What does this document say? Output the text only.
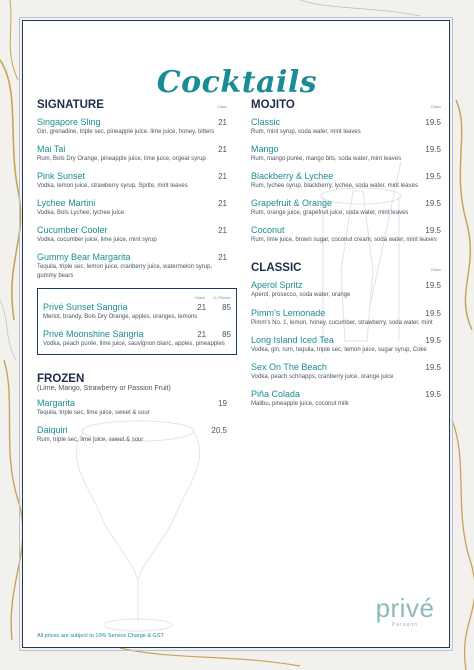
Cocktails
SIGNATURE	Glass
Singapore Sling	21
Gin, grenadine, triple sec, pineapple juice, lime juice, honey, bitters
Mai Tai	21
Rum, Bols Dry Orange, pineapple juice, lime juice, orgeat syrup
Pink Sunset	21
Vodka, lemon juice, strawberry syrup, Sprite, mint leaves
Lychee Martini	21
Vodka, Bols Lychee, lychee juice
Cucumber Cooler	21
Vodka, cucumber juice, lime juice, mint syrup
Gummy Bear Margarita	21
Tequila, triple sec, lemon juice, cranberry juice, watermelon syrup, gummy bears
Glass 1L Pitcher
Privé Sunset Sangria	21 85
Merlot, brandy, Bols Dry Orange, apples, oranges, lemons
Privé Moonshine Sangria	21 85
Vodka, peach purée, lime juice, sauvignon blanc, apples, pineapples
FROZEN
(Lime, Mango, Strawberry or Passion Fruit)
Margarita	19
Tequila, triple sec, lime juice, sweet & sour
Daiquiri	20.5
Rum, triple sec, lime juice, sweet & sour
MOJITO	Glass
Classic	19.5
Rum, mint syrup, soda water, mint leaves
Mango	19.5
Rum, mango purée, mango bits, soda water, mint leaves
Blackberry & Lychee	19.5
Rum, lychee syrup, blackberry, lychee, soda water, mint leaves
Grapefruit & Orange	19.5
Rum, orange juice, grapefruit juice, soda water, mint leaves
Coconut	19.5
Rum, lime juice, brown sugar, coconut cream, soda water, mint leaves
CLASSIC	Glass
Aperol Spritz	19.5
Aperol, prosecco, soda water, orange
Pimm's Lemonade	19.5
Pimm's No. 1, lemon, honey, cucumber, strawberry, soda water, mint
Long Island Iced Tea	19.5
Vodka, gin, rum, tequila, triple sec, lemon juice, sugar syrup, Coke
Sex On The Beach	19.5
Vodka, peach schnapps, cranberry juice, orange juice
Piña Colada	19.5
Malibu, pineapple juice, coconut milk
All prices are subject to 10% Service Charge & GST
privé
Paragon
